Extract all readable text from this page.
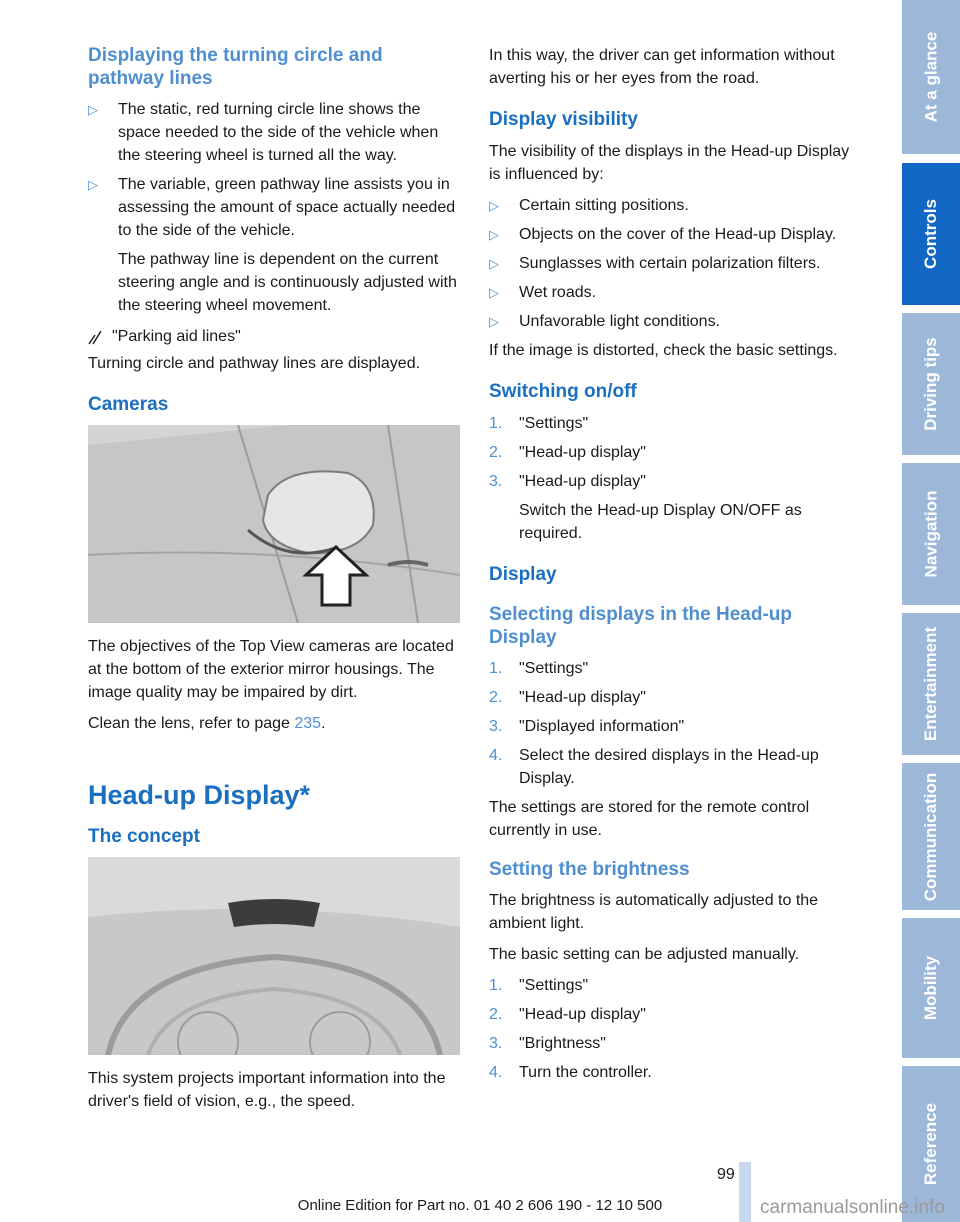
Displaying the turning circle and pathway lines
▷ The static, red turning circle line shows the space needed to the side of the vehicle when the steering wheel is turned all the way.
▷ The variable, green pathway line assists you in assessing the amount of space actually needed to the side of the vehicle.

The pathway line is dependent on the current steering angle and is continuously adjusted with the steering wheel movement.

"Parking aid lines"

Turning circle and pathway lines are displayed.

Cameras

The objectives of the Top View cameras are located at the bottom of the exterior mirror housings. The image quality may be impaired by dirt.

Clean the lens, refer to page 235.

Head-up Display*
The concept

This system projects important information into the driver's field of vision, e.g., the speed.

In this way, the driver can get information without averting his or her eyes from the road.

Display visibility

The visibility of the displays in the Head-up Display is influenced by:

▷ Certain sitting positions.
▷ Objects on the cover of the Head-up Display.
▷ Sunglasses with certain polarization filters.
▷ Wet roads.
▷ Unfavorable light conditions.

If the image is distorted, check the basic settings.

Switching on/off
1. "Settings"
2. "Head-up display"
3. "Head-up display"
Switch the Head-up Display ON/OFF as required.
Display
Selecting displays in the Head-up Display
1. "Settings"
2. "Head-up display"
3. "Displayed information"
4. Select the desired displays in the Head-up Display.

The settings are stored for the remote control currently in use.

Setting the brightness

The brightness is automatically adjusted to the ambient light.

The basic setting can be adjusted manually.

1. "Settings"
2. "Head-up display"
3. "Brightness"
4. Turn the controller.
At a glance
Controls
Driving tips
Navigation
Entertainment
Communication
Mobility
Reference
99
Online Edition for Part no. 01 40 2 606 190 - 12 10 500	carmanualsonline.info
